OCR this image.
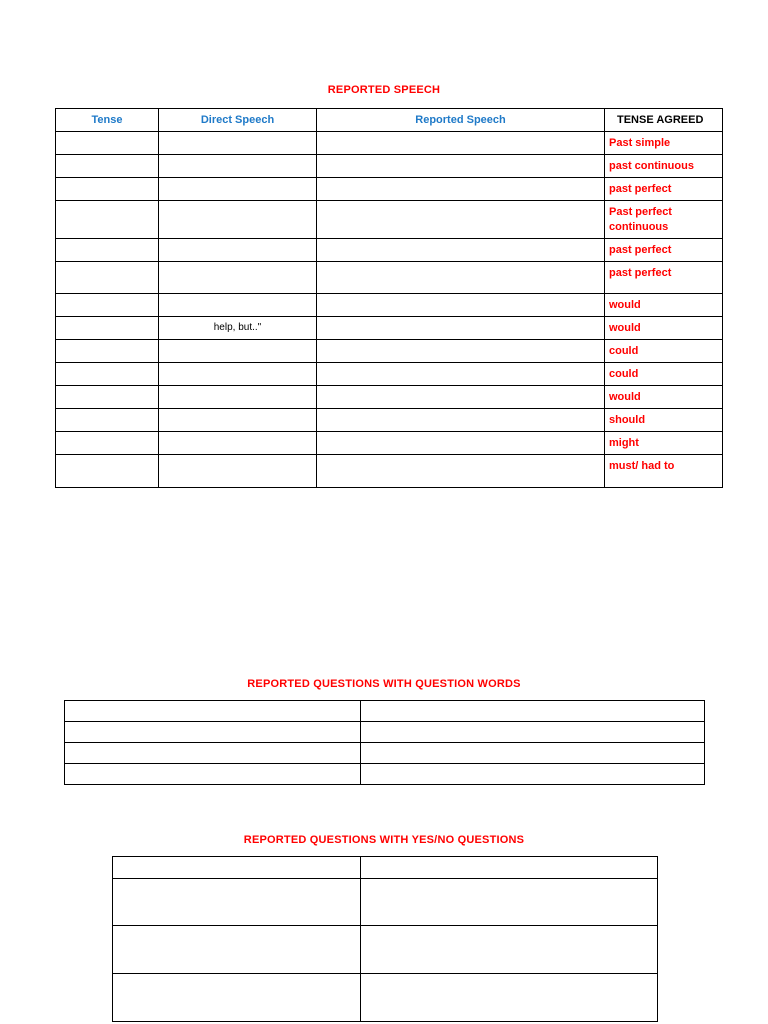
REPORTED SPEECH
Tense	Direct Speech	Reported Speech	TENSE AGREED
			Past simple
			past continuous
			past perfect
			Past perfect continuous
			past perfect
			past perfect
			would
	help, but.."		would
			could
			could
			would
			should
			might
			must/ had to
REPORTED QUESTIONS WITH QUESTION WORDS

REPORTED QUESTIONS WITH YES/NO QUESTIONS
